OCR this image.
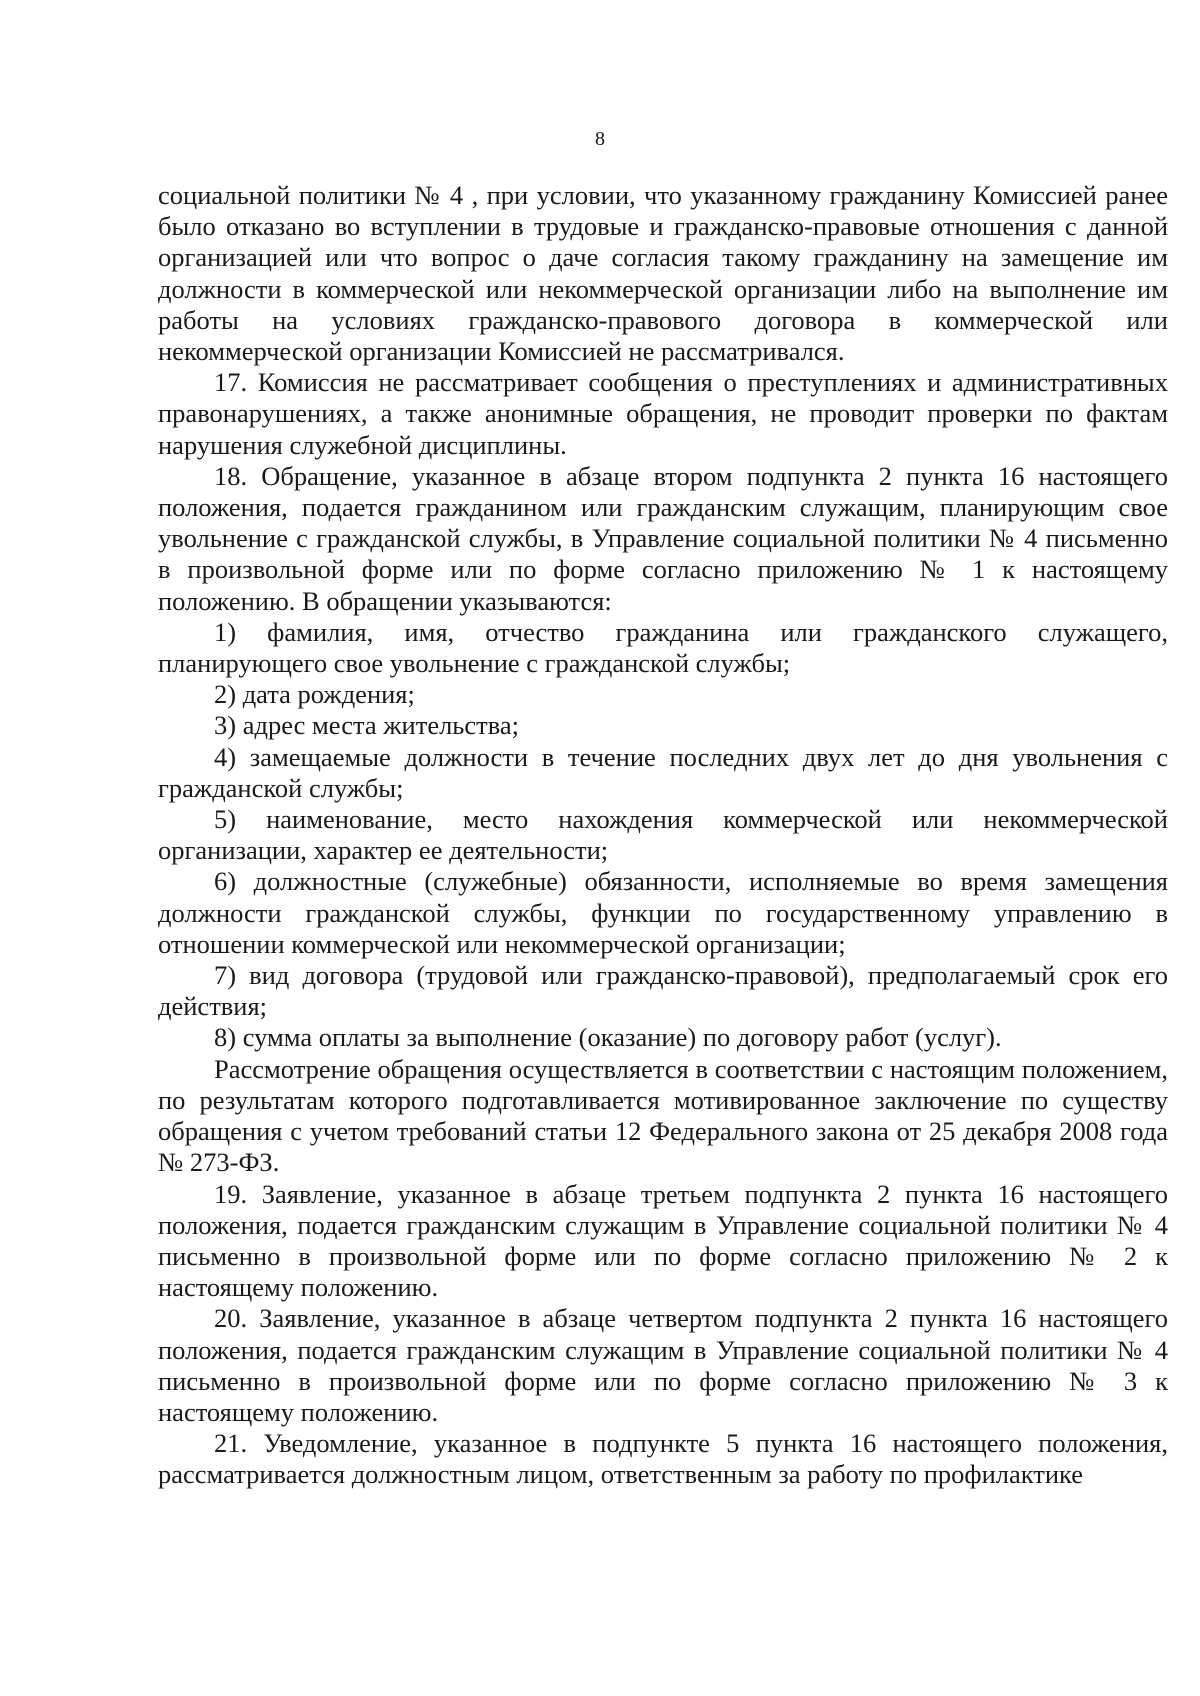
8

социальной политики № 4 , при условии, что указанному гражданину Комиссией ранее было отказано во вступлении в трудовые и гражданско-правовые отношения с данной организацией или что вопрос о даче согласия такому гражданину на замещение им должности в коммерческой или некоммерческой организации либо на выполнение им работы на условиях гражданско-правового договора в коммерческой или некоммерческой организации Комиссией не рассматривался.

17. Комиссия не рассматривает сообщения о преступлениях и административных правонарушениях, а также анонимные обращения, не проводит проверки по фактам нарушения служебной дисциплины.

18. Обращение, указанное в абзаце втором подпункта 2 пункта 16 настоящего положения, подается гражданином или гражданским служащим, планирующим свое увольнение с гражданской службы, в Управление социальной политики № 4 письменно в произвольной форме или по форме согласно приложению № 1 к настоящему положению. В обращении указываются:

1) фамилия, имя, отчество гражданина или гражданского служащего, планирующего свое увольнение с гражданской службы;

2) дата рождения;

3) адрес места жительства;

4) замещаемые должности в течение последних двух лет до дня увольнения с гражданской службы;

5) наименование, место нахождения коммерческой или некоммерческой организации, характер ее деятельности;

6) должностные (служебные) обязанности, исполняемые во время замещения должности гражданской службы, функции по государственному управлению в отношении коммерческой или некоммерческой организации;

7) вид договора (трудовой или гражданско-правовой), предполагаемый срок его действия;

8) сумма оплаты за выполнение (оказание) по договору работ (услуг).

Рассмотрение обращения осуществляется в соответствии с настоящим положением, по результатам которого подготавливается мотивированное заключение по существу обращения с учетом требований статьи 12 Федерального закона от 25 декабря 2008 года № 273-ФЗ.

19. Заявление, указанное в абзаце третьем подпункта 2 пункта 16 настоящего положения, подается гражданским служащим в Управление социальной политики № 4 письменно в произвольной форме или по форме согласно приложению № 2 к настоящему положению.

20. Заявление, указанное в абзаце четвертом подпункта 2 пункта 16 настоящего положения, подается гражданским служащим в Управление социальной политики № 4 письменно в произвольной форме или по форме согласно приложению № 3 к настоящему положению.

21. Уведомление, указанное в подпункте 5 пункта 16 настоящего положения, рассматривается должностным лицом, ответственным за работу по профилактике
